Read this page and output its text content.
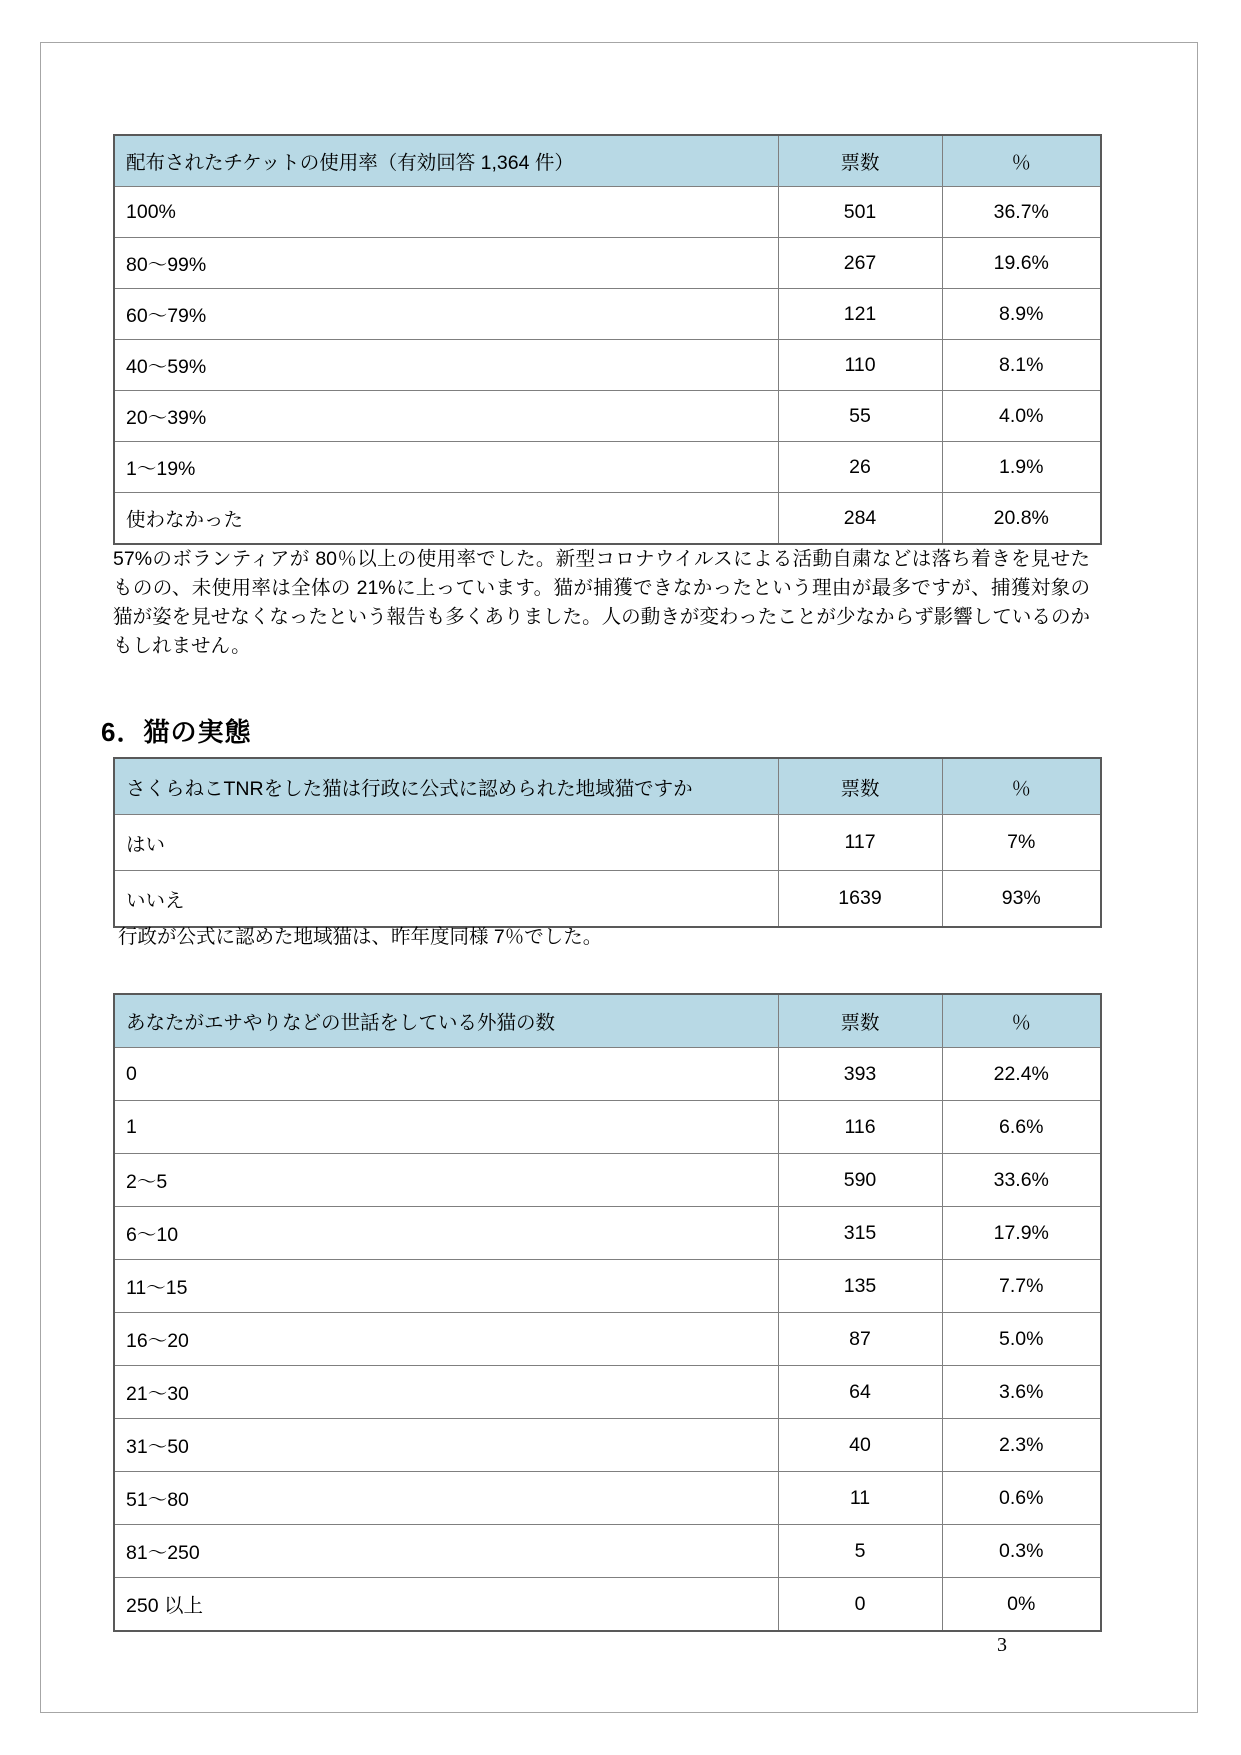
配布されたチケットの使用率（有効回答 1,364 件）	票数	％
100%	501	36.7%
80～99%	267	19.6%
60～79%	121	8.9%
40～59%	110	8.1%
20～39%	55	4.0%
1～19%	26	1.9%
使わなかった	284	20.8%
57%のボランティアが 80％以上の使用率でした。新型コロナウイルスによる活動自粛などは落ち着きを見せたものの、未使用率は全体の 21%に上っています。猫が捕獲できなかったという理由が最多ですが、捕獲対象の猫が姿を見せなくなったという報告も多くありました。人の動きが変わったことが少なからず影響しているのかもしれません。
6．猫の実態
さくらねこTNRをした猫は行政に公式に認められた地域猫ですか	票数	％
はい	117	7%
いいえ	1639	93%
行政が公式に認めた地域猫は、昨年度同様 7％でした。
あなたがエサやりなどの世話をしている外猫の数	票数	％
0	393	22.4%
1	116	6.6%
2～5	590	33.6%
6～10	315	17.9%
11～15	135	7.7%
16～20	87	5.0%
21～30	64	3.6%
31～50	40	2.3%
51～80	11	0.6%
81～250	5	0.3%
250 以上	0	0%
3
